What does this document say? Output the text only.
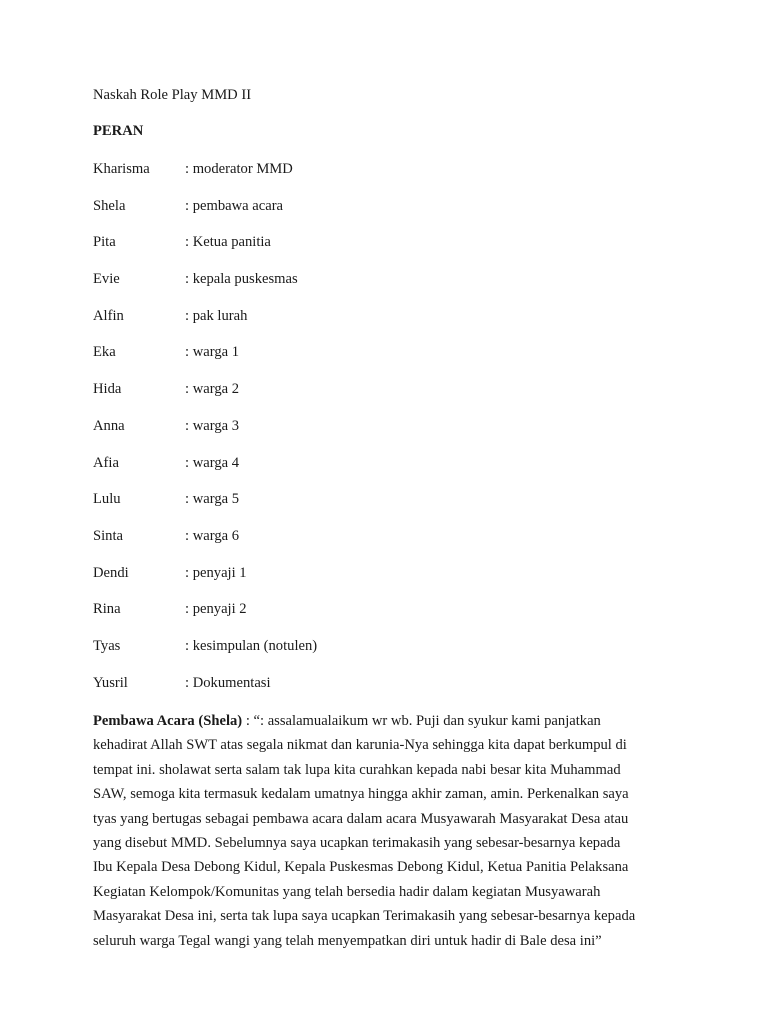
Naskah Role Play MMD II

PERAN

Kharisma : moderator MMD
Shela	: pembawa acara
Pita	: Ketua panitia
Evie	: kepala puskesmas
Alfin	: pak lurah
Eka	: warga 1
Hida	: warga 2
Anna	: warga 3
Afia	: warga 4
Lulu	: warga 5
Sinta	: warga 6
Dendi	: penyaji 1
Rina	: penyaji 2
Tyas	: kesimpulan (notulen)
Yusril	: Dokumentasi
Pembawa Acara (Shela) : “: assalamualaikum wr wb. Puji dan syukur kami panjatkan
kehadirat Allah SWT atas segala nikmat dan karunia-Nya sehingga kita dapat berkumpul di
tempat ini. sholawat serta salam tak lupa kita curahkan kepada nabi besar kita Muhammad
SAW, semoga kita termasuk kedalam umatnya hingga akhir zaman, amin. Perkenalkan saya
tyas yang bertugas sebagai pembawa acara dalam acara Musyawarah Masyarakat Desa atau
yang disebut MMD. Sebelumnya saya ucapkan terimakasih yang sebesar-besarnya kepada
Ibu Kepala Desa Debong Kidul, Kepala Puskesmas Debong Kidul, Ketua Panitia Pelaksana
Kegiatan Kelompok/Komunitas yang telah bersedia hadir dalam kegiatan Musyawarah
Masyarakat Desa ini, serta tak lupa saya ucapkan Terimakasih yang sebesar-besarnya kepada
seluruh warga Tegal wangi yang telah menyempatkan diri untuk hadir di Bale desa ini”
